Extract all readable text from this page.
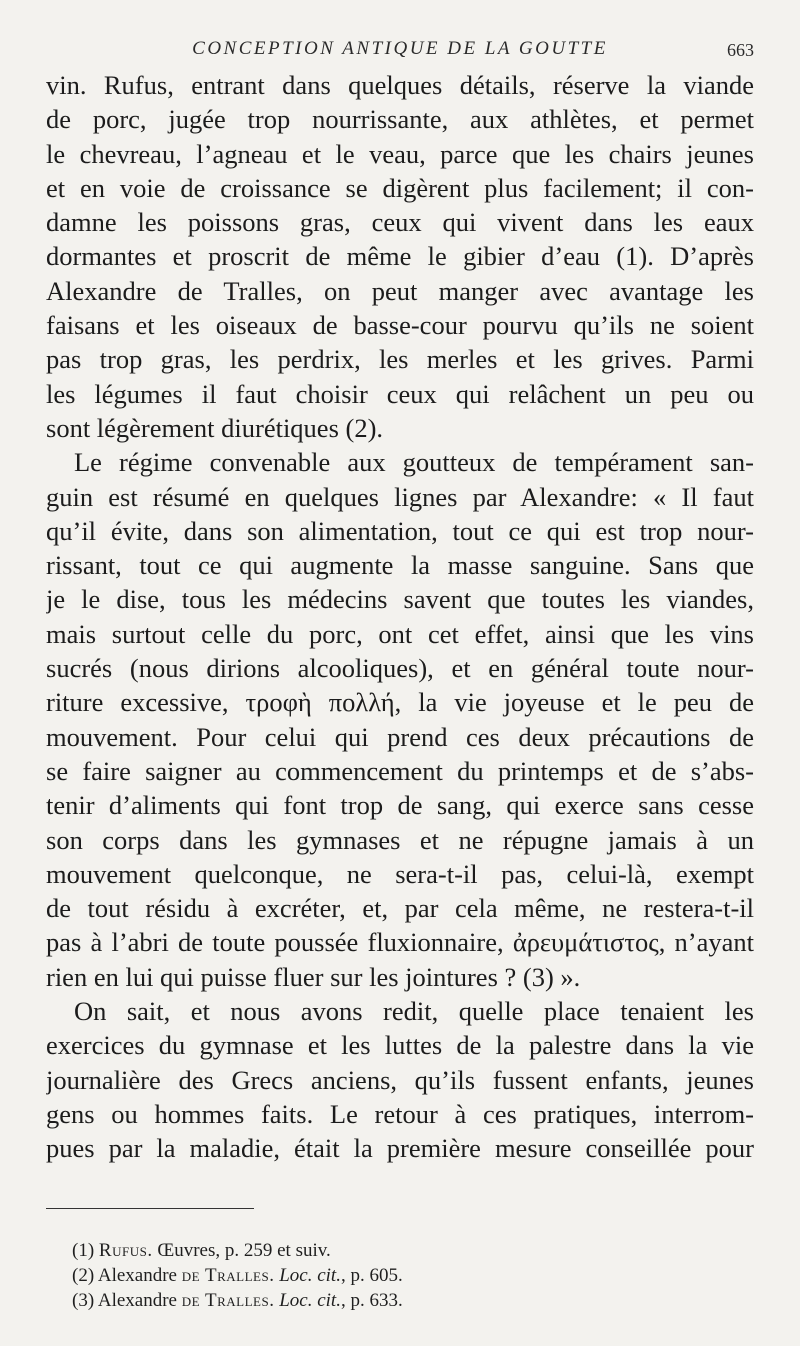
CONCEPTION ANTIQUE DE LA GOUTTE	663

vin. Rufus, entrant dans quelques détails, réserve la viande
de porc, jugée trop nourrissante, aux athlètes, et permet
le chevreau, l’agneau et le veau, parce que les chairs jeunes
et en voie de croissance se digèrent plus facilement; il con-
damne les poissons gras, ceux qui vivent dans les eaux
dormantes et proscrit de même le gibier d’eau (1). D’après
Alexandre de Tralles, on peut manger avec avantage les
faisans et les oiseaux de basse-cour pourvu qu’ils ne soient
pas trop gras, les perdrix, les merles et les grives. Parmi
les légumes il faut choisir ceux qui relâchent un peu ou
sont légèrement diurétiques (2).

Le régime convenable aux goutteux de tempérament san-
guin est résumé en quelques lignes par Alexandre: « Il faut
qu’il évite, dans son alimentation, tout ce qui est trop nour-
rissant, tout ce qui augmente la masse sanguine. Sans que
je le dise, tous les médecins savent que toutes les viandes,
mais surtout celle du porc, ont cet effet, ainsi que les vins
sucrés (nous dirions alcooliques), et en général toute nour-
riture excessive, τροφὴ πολλή, la vie joyeuse et le peu de
mouvement. Pour celui qui prend ces deux précautions de
se faire saigner au commencement du printemps et de s’abs-
tenir d’aliments qui font trop de sang, qui exerce sans cesse
son corps dans les gymnases et ne répugne jamais à un
mouvement quelconque, ne sera-t-il pas, celui-là, exempt
de tout résidu à excréter, et, par cela même, ne restera-t-il
pas à l’abri de toute poussée fluxionnaire, ἀρευμάτιστος, n’ayant
rien en lui qui puisse fluer sur les jointures ? (3) ».

On sait, et nous avons redit, quelle place tenaient les
exercices du gymnase et les luttes de la palestre dans la vie
journalière des Grecs anciens, qu’ils fussent enfants, jeunes
gens ou hommes faits. Le retour à ces pratiques, interrom-
pues par la maladie, était la première mesure conseillée pour

(1) Rufus. Œuvres, p. 259 et suiv.
(2) Alexandre de Tralles. Loc. cit., p. 605.
(3) Alexandre de Tralles. Loc. cit., p. 633.
